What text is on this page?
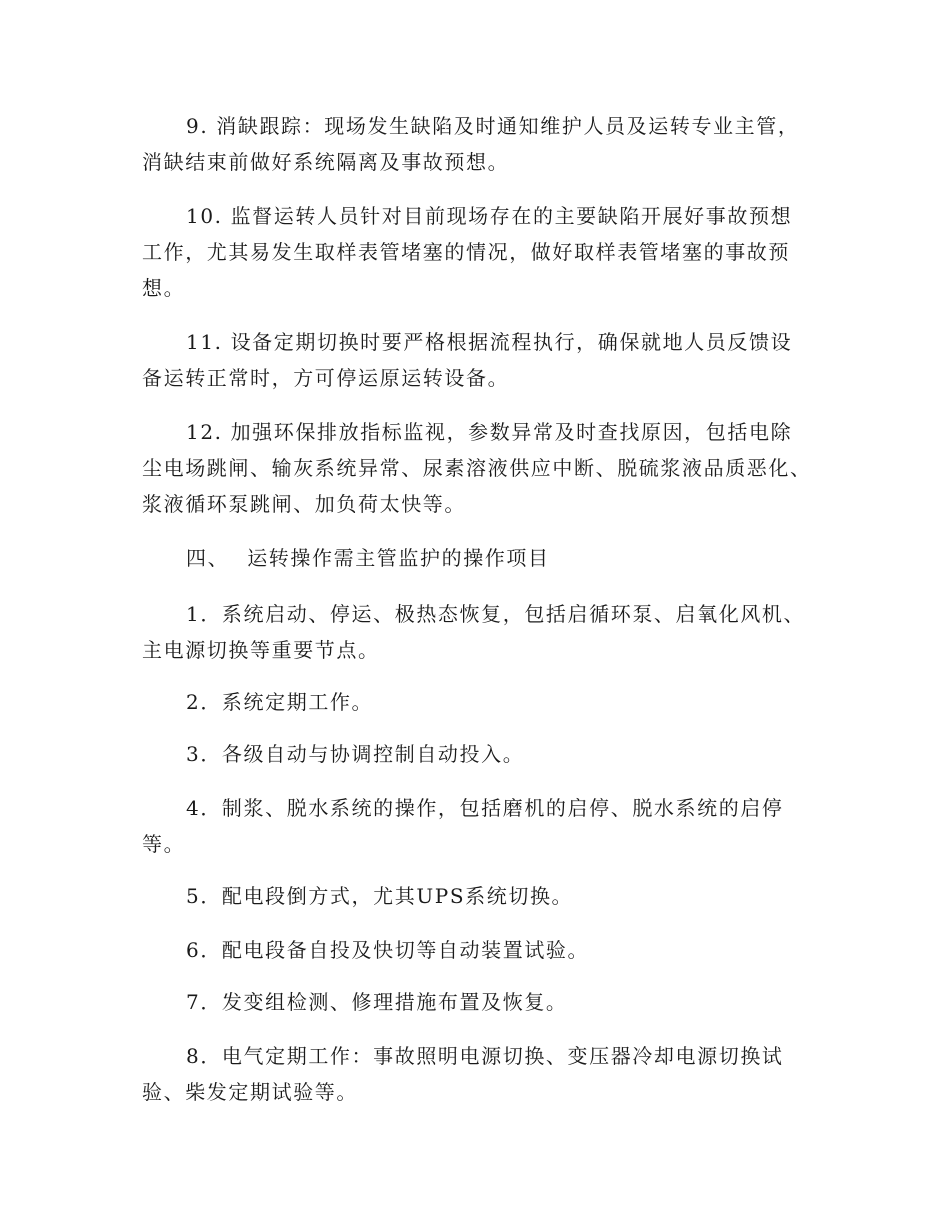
9. 消缺跟踪：现场发生缺陷及时通知维护人员及运转专业主管，消缺结束前做好系统隔离及事故预想。

10. 监督运转人员针对目前现场存在的主要缺陷开展好事故预想工作，尤其易发生取样表管堵塞的情况，做好取样表管堵塞的事故预想。

11. 设备定期切换时要严格根据流程执行，确保就地人员反馈设备运转正常时，方可停运原运转设备。

12. 加强环保排放指标监视，参数异常及时查找原因，包括电除尘电场跳闸、输灰系统异常、尿素溶液供应中断、脱硫浆液品质恶化、浆液循环泵跳闸、加负荷太快等。

四、 运转操作需主管监护的操作项目

1．系统启动、停运、极热态恢复，包括启循环泵、启氧化风机、主电源切换等重要节点。

2．系统定期工作。

3．各级自动与协调控制自动投入。

4．制浆、脱水系统的操作，包括磨机的启停、脱水系统的启停等。

5．配电段倒方式，尤其UPS系统切换。

6．配电段备自投及快切等自动装置试验。

7．发变组检测、修理措施布置及恢复。

8．电气定期工作：事故照明电源切换、变压器冷却电源切换试验、柴发定期试验等。
